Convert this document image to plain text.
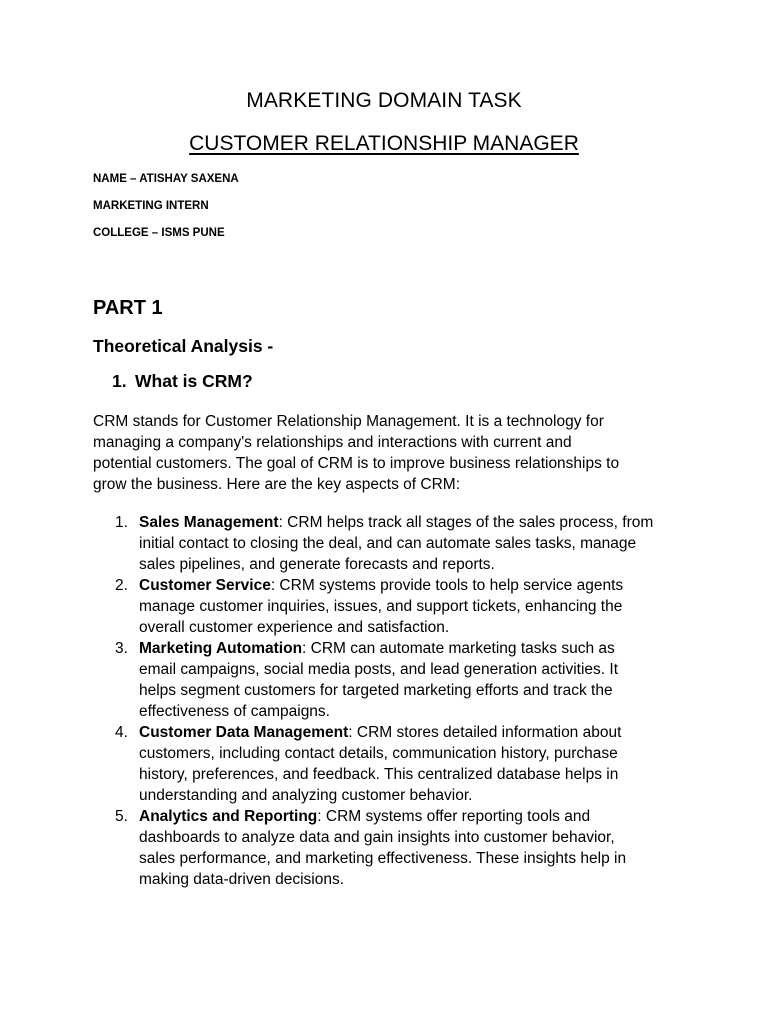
MARKETING DOMAIN TASK
CUSTOMER RELATIONSHIP MANAGER
NAME – ATISHAY SAXENA
MARKETING INTERN
COLLEGE – ISMS PUNE
PART 1
Theoretical Analysis -
1. What is CRM?
CRM stands for Customer Relationship Management. It is a technology for
managing a company's relationships and interactions with current and
potential customers. The goal of CRM is to improve business relationships to
grow the business. Here are the key aspects of CRM:
1. Sales Management: CRM helps track all stages of the sales process, from
initial contact to closing the deal, and can automate sales tasks, manage
sales pipelines, and generate forecasts and reports.
2. Customer Service: CRM systems provide tools to help service agents
manage customer inquiries, issues, and support tickets, enhancing the
overall customer experience and satisfaction.
3. Marketing Automation: CRM can automate marketing tasks such as
email campaigns, social media posts, and lead generation activities. It
helps segment customers for targeted marketing efforts and track the
effectiveness of campaigns.
4. Customer Data Management: CRM stores detailed information about
customers, including contact details, communication history, purchase
history, preferences, and feedback. This centralized database helps in
understanding and analyzing customer behavior.
5. Analytics and Reporting: CRM systems offer reporting tools and
dashboards to analyze data and gain insights into customer behavior,
sales performance, and marketing effectiveness. These insights help in
making data-driven decisions.
